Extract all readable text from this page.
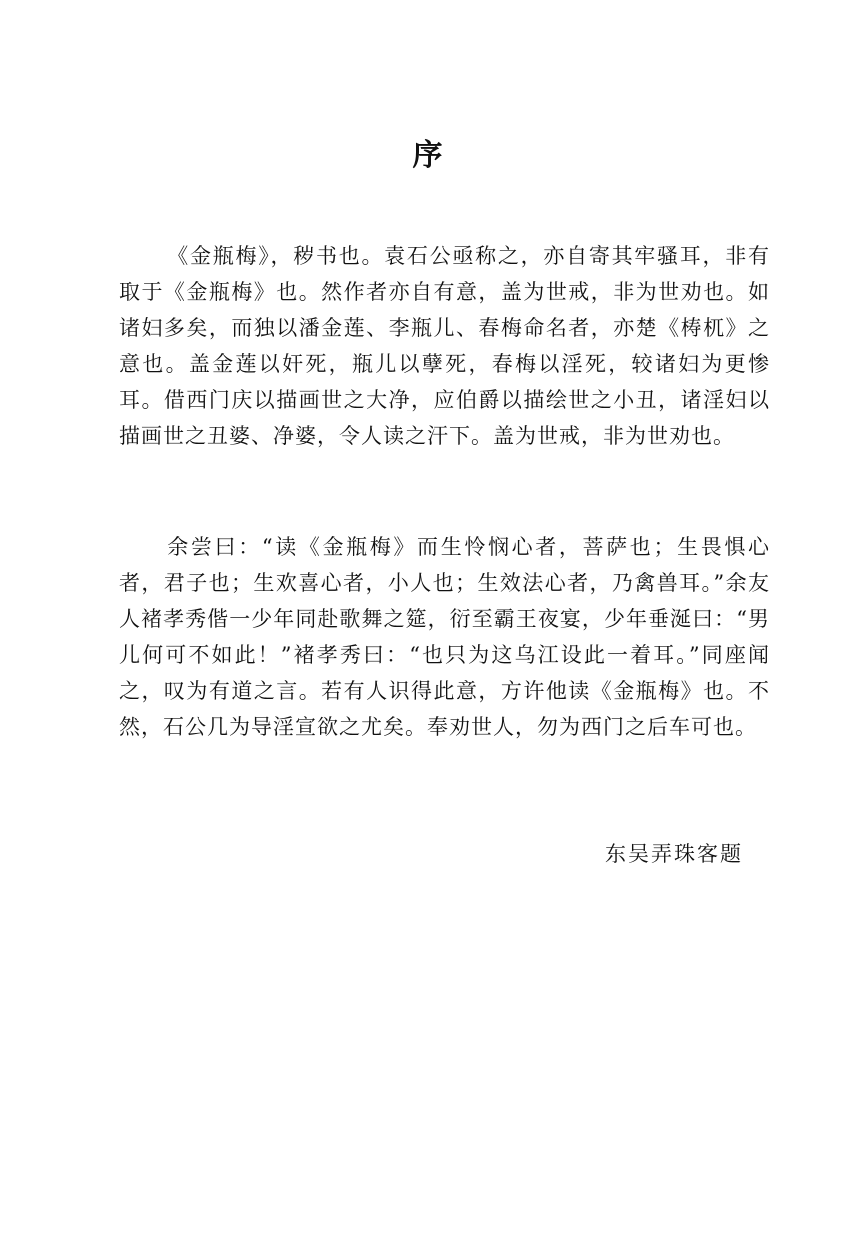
序

《金瓶梅》，秽书也。袁石公亟称之，亦自寄其牢骚耳，非有取于《金瓶梅》也。然作者亦自有意，盖为世戒，非为世劝也。如诸妇多矣，而独以潘金莲、李瓶儿、春梅命名者，亦楚《梼杌》之意也。盖金莲以奸死，瓶儿以孽死，春梅以淫死，较诸妇为更惨耳。借西门庆以描画世之大净，应伯爵以描绘世之小丑，诸淫妇以描画世之丑婆、净婆，令人读之汗下。盖为世戒，非为世劝也。

余尝曰：“读《金瓶梅》而生怜悯心者，菩萨也；生畏惧心者，君子也；生欢喜心者，小人也；生效法心者，乃禽兽耳。”余友人褚孝秀偕一少年同赴歌舞之筵，衍至霸王夜宴，少年垂涎曰：“男儿何可不如此！”褚孝秀曰：“也只为这乌江设此一着耳。”同座闻之，叹为有道之言。若有人识得此意，方许他读《金瓶梅》也。不然，石公几为导淫宣欲之尤矣。奉劝世人，勿为西门之后车可也。

东吴弄珠客题
